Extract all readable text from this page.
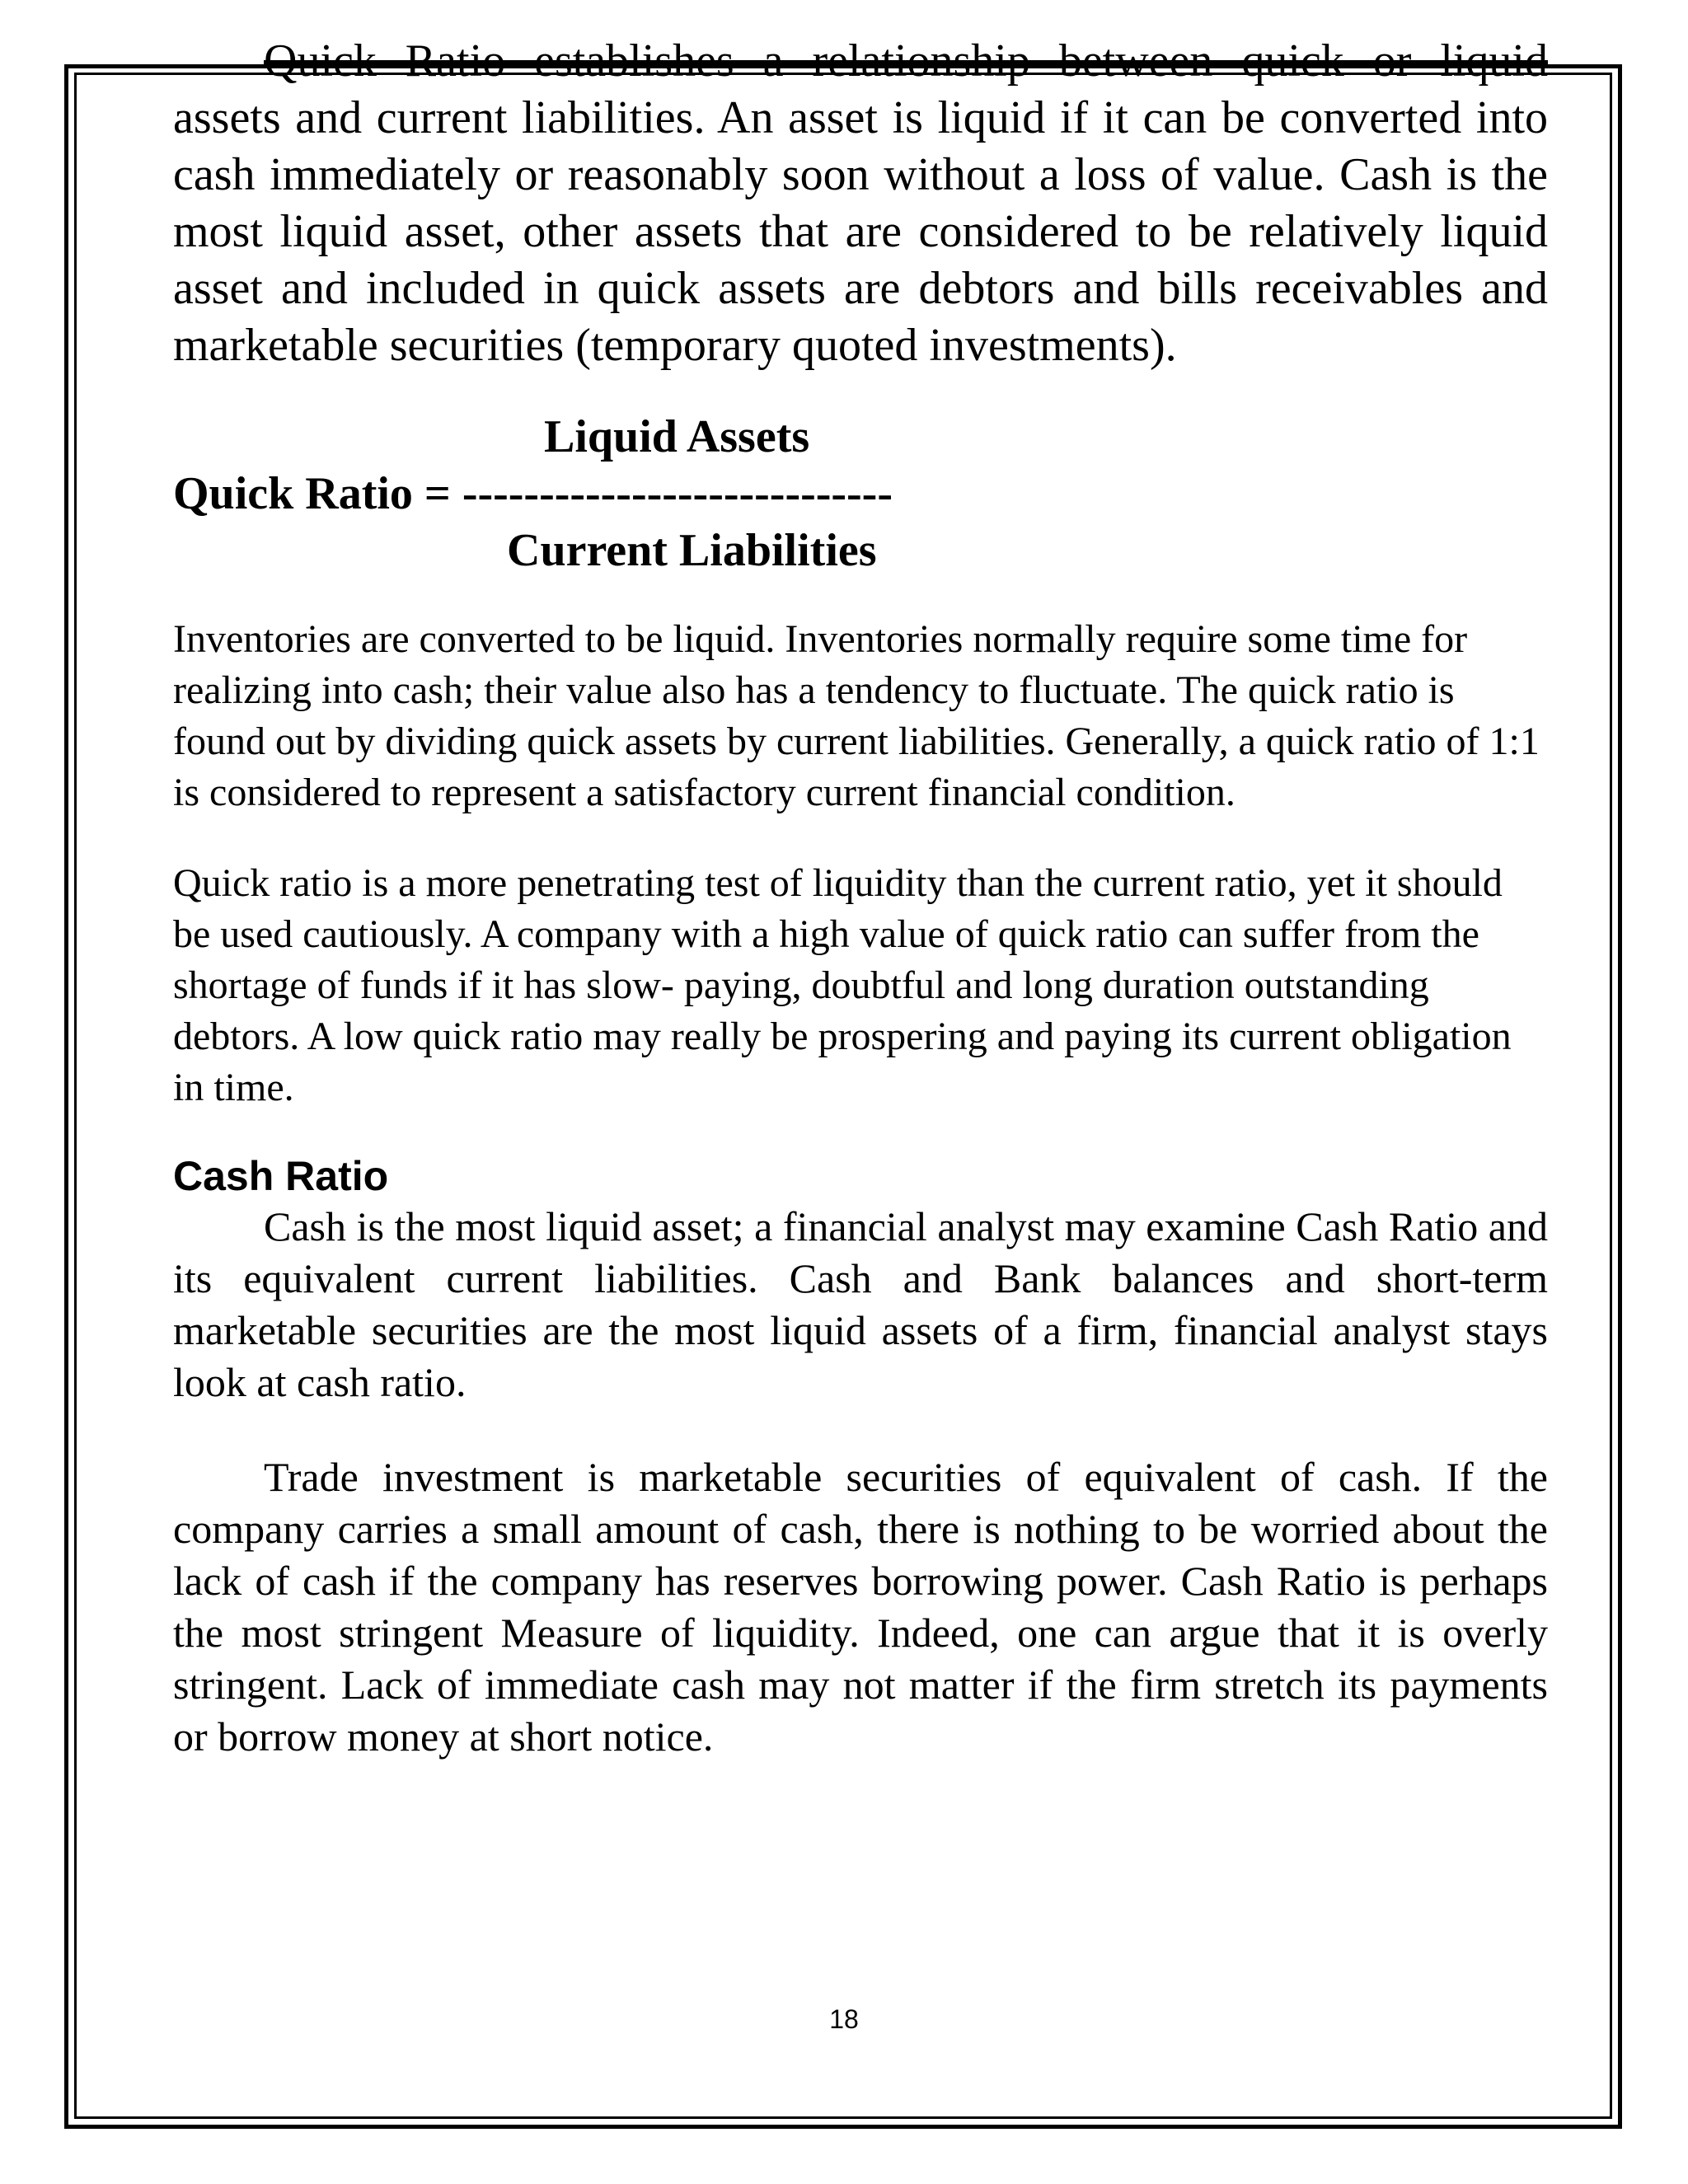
Quick Ratio establishes a relationship between quick or liquid

assets and current liabilities. An asset is liquid if it can be converted into cash immediately or reasonably soon without a loss of value. Cash is the most liquid asset, other assets that are considered to be relatively liquid asset and included in quick assets are debtors and bills receivables and marketable securities (temporary quoted investments).

Liquid Assets

Quick Ratio = ----------------------------

Current Liabilities

Inventories are converted to be liquid. Inventories normally require some time for realizing into cash; their value also has a tendency to fluctuate. The quick ratio is found out by dividing quick assets by current liabilities. Generally, a quick ratio of 1:1 is considered to represent a satisfactory current financial condition.

Quick ratio is a more penetrating test of liquidity than the current ratio, yet it should be used cautiously. A company with a high value of quick ratio can suffer from the shortage of funds if it has slow- paying, doubtful and long duration outstanding debtors. A low quick ratio may really be prospering and paying its current obligation in time.

Cash Ratio

Cash is the most liquid asset; a financial analyst may examine Cash Ratio and its equivalent current liabilities. Cash and Bank balances and short-term marketable securities are the most liquid assets of a firm, financial analyst stays look at cash ratio.

Trade investment is marketable securities of equivalent of cash. If the company carries a small amount of cash, there is nothing to be worried about the lack of cash if the company has reserves borrowing power. Cash Ratio is perhaps the most stringent Measure of liquidity. Indeed, one can argue that it is overly stringent. Lack of immediate cash may not matter if the firm stretch its payments or borrow money at short notice.

18
